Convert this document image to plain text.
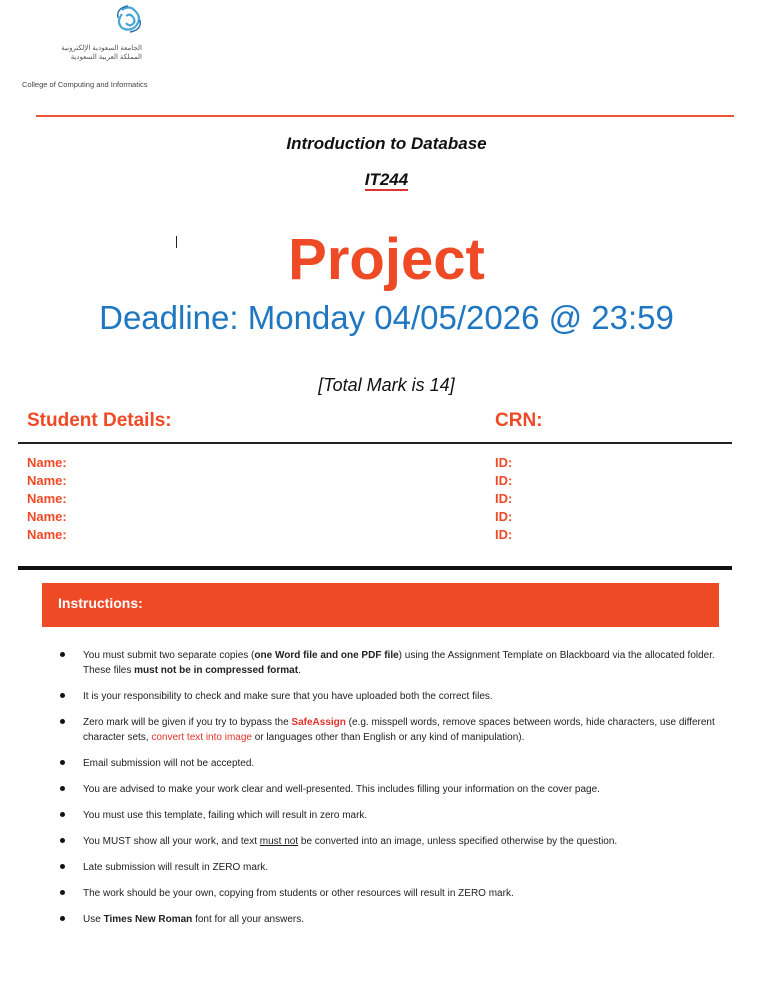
الجامعة السعودية الإلكترونية
المملكة العربية السعودية
College of Computing and Informatics
Introduction to Database
IT244
Project
Deadline: Monday 04/05/2026 @ 23:59
[Total Mark is 14]
Student Details:	CRN:
Name:	ID:
Name:	ID:
Name:	ID:
Name:	ID:
Name:	ID:
Instructions:
You must submit two separate copies (one Word file and one PDF file) using the Assignment Template on Blackboard via the allocated folder. These files must not be in compressed format.
It is your responsibility to check and make sure that you have uploaded both the correct files.
Zero mark will be given if you try to bypass the SafeAssign (e.g. misspell words, remove spaces between words, hide characters, use different character sets, convert text into image or languages other than English or any kind of manipulation).
Email submission will not be accepted.
You are advised to make your work clear and well-presented. This includes filling your information on the cover page.
You must use this template, failing which will result in zero mark.
You MUST show all your work, and text must not be converted into an image, unless specified otherwise by the question.
Late submission will result in ZERO mark.
The work should be your own, copying from students or other resources will result in ZERO mark.
Use Times New Roman font for all your answers.
